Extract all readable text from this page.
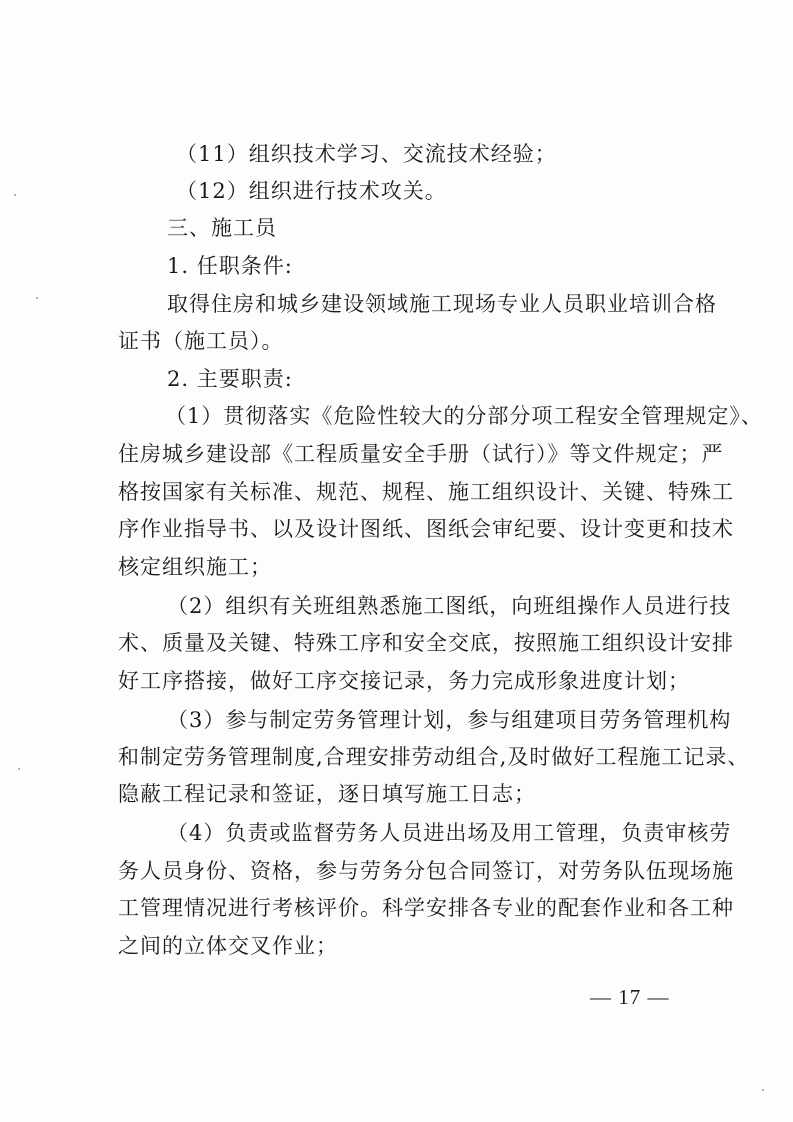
（11）组织技术学习、交流技术经验；
（12）组织进行技术攻关。
三、施工员
1. 任职条件:
取得住房和城乡建设领域施工现场专业人员职业培训合格
证书（施工员）。
2. 主要职责:
（1）贯彻落实《危险性较大的分部分项工程安全管理规定》、
住房城乡建设部《工程质量安全手册（试行）》等文件规定；严
格按国家有关标准、规范、规程、施工组织设计、关键、特殊工
序作业指导书、以及设计图纸、图纸会审纪要、设计变更和技术
核定组织施工；
（2）组织有关班组熟悉施工图纸，向班组操作人员进行技
术、质量及关键、特殊工序和安全交底，按照施工组织设计安排
好工序搭接，做好工序交接记录，务力完成形象进度计划；
（3）参与制定劳务管理计划，参与组建项目劳务管理机构
和制定劳务管理制度,合理安排劳动组合,及时做好工程施工记录、
隐蔽工程记录和签证，逐日填写施工日志；
（4）负责或监督劳务人员进出场及用工管理，负责审核劳
务人员身份、资格，参与劳务分包合同签订，对劳务队伍现场施
工管理情况进行考核评价。科学安排各专业的配套作业和各工种
之间的立体交叉作业；
— 17 —
